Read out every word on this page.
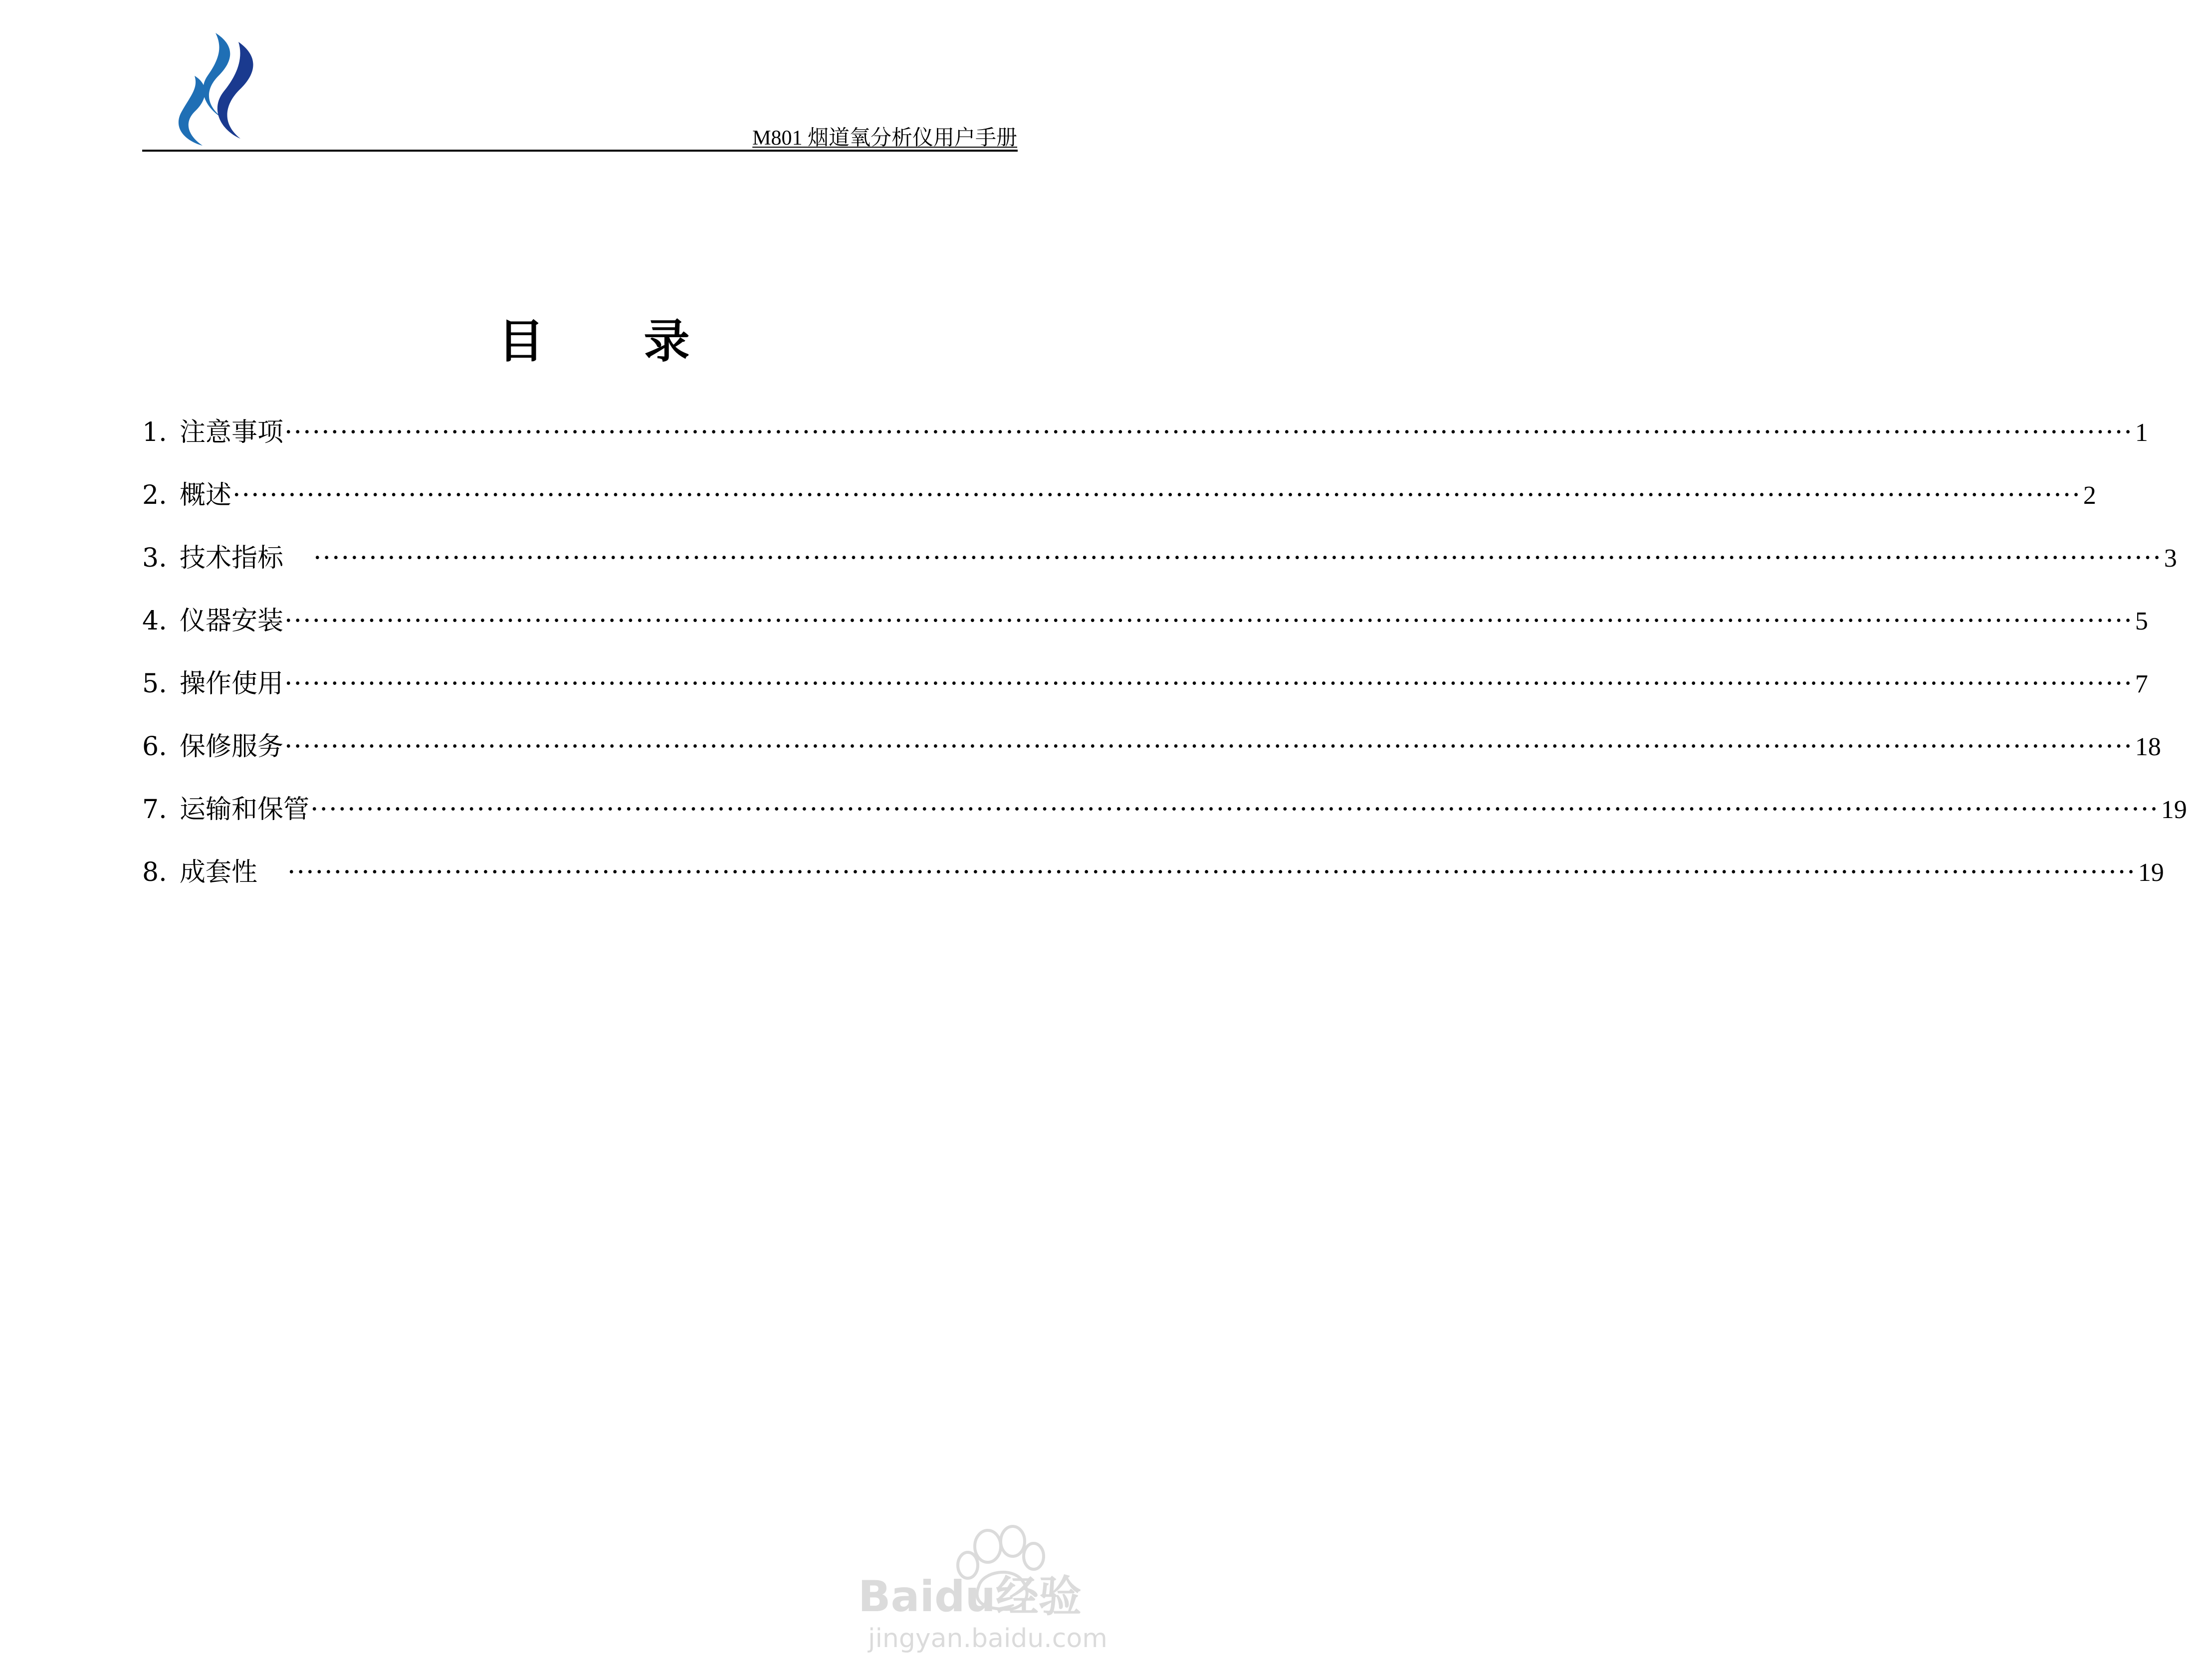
M801 烟道氧分析仪用户手册
目 录
1. 注意事项 ········································································································································································································ 1
2. 概述 ········································································································································································································ 2
3. 技术指标 ········································································································································································································ 3
4. 仪器安装 ········································································································································································································ 5
5. 操作使用 ········································································································································································································ 7
6. 保修服务 ········································································································································································································ 18
7. 运输和保管 ········································································································································································································ 19
8. 成套性 ········································································································································································································ 19
Baidu经验
jingyan.baidu.com
